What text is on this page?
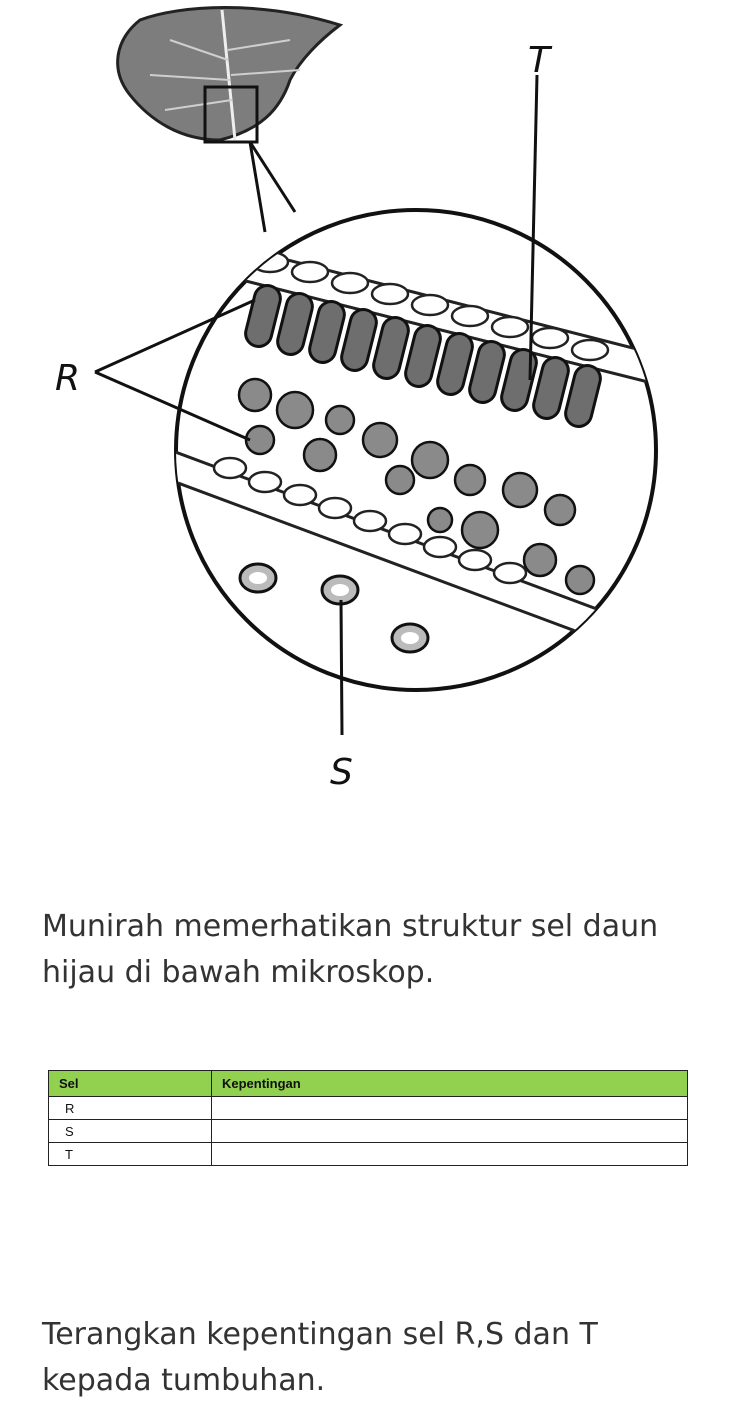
R
T
S

Munirah memerhatikan struktur sel daun hijau di bawah mikroskop.

Sel	Kepentingan
R	
S	
T	

Terangkan kepentingan sel R,S dan T kepada tumbuhan.
